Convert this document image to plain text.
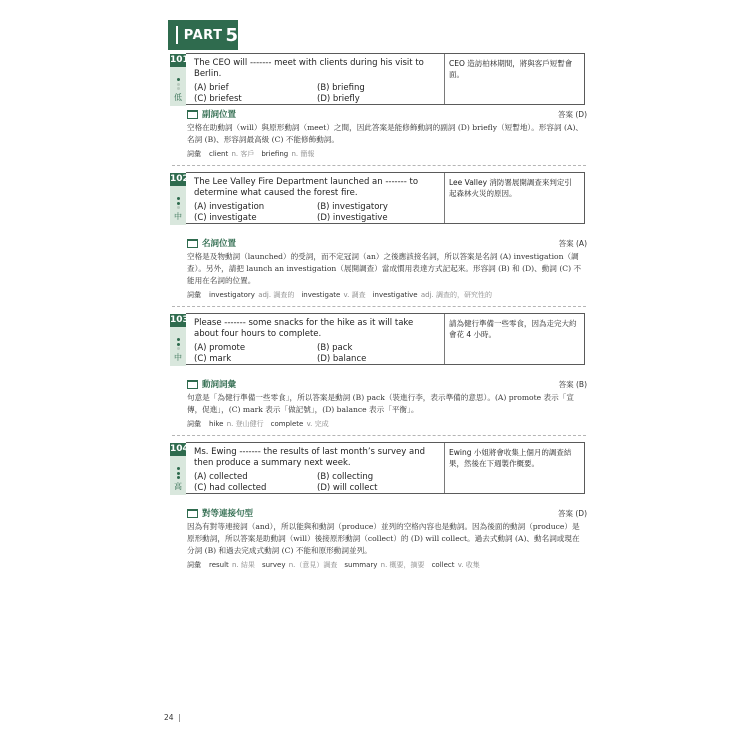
PART 5
101
低
The CEO will ------- meet with clients during his visit to Berlin.
(A) brief	(B) briefing
(C) briefest	(D) briefly
CEO 造訪柏林期間，將與客戶短暫會面。
副詞位置	答案 (D)
空格在助動詞（will）與原形動詞（meet）之間，因此答案是能修飾動詞的副詞 (D) briefly（短暫地）。形容詞 (A)、名詞 (B)、形容詞最高級 (C) 不能修飾動詞。
詞彙 client n. 客戶 briefing n. 簡報
102
中
The Lee Valley Fire Department launched an ------- to determine what caused the forest fire.
(A) investigation	(B) investigatory
(C) investigate	(D) investigative
Lee Valley 消防署展開調查來判定引起森林火災的原因。
名詞位置	答案 (A)
空格是及物動詞（launched）的受詞，而不定冠詞（an）之後應該接名詞，所以答案是名詞 (A) investigation（調查）。另外，請把 launch an investigation（展開調查）當成慣用表達方式記起來。形容詞 (B) 和 (D)、動詞 (C) 不能用在名詞的位置。
詞彙 investigatory adj. 調查的 investigate v. 調查 investigative adj. 調查的，研究性的
103
中
Please ------- some snacks for the hike as it will take about four hours to complete.
(A) promote	(B) pack
(C) mark	(D) balance
請為健行準備一些零食，因為走完大約會花 4 小時。
動詞詞彙	答案 (B)
句意是「為健行準備一些零食」，所以答案是動詞 (B) pack（裝進行李，表示準備的意思）。(A) promote 表示「宣傳，促進」，(C) mark 表示「做記號」，(D) balance 表示「平衡」。
詞彙 hike n. 登山健行 complete v. 完成
104
高
Ms. Ewing ------- the results of last month’s survey and then produce a summary next week.
(A) collected	(B) collecting
(C) had collected	(D) will collect
Ewing 小姐將會收集上個月的調查結果，然後在下週製作概要。
對等連接句型	答案 (D)
因為有對等連接詞（and），所以能與和動詞（produce）並列的空格內容也是動詞。因為後面的動詞（produce）是原形動詞，所以答案是助動詞（will）後接原形動詞（collect）的 (D) will collect。過去式動詞 (A)、動名詞或現在分詞 (B) 和過去完成式動詞 (C) 不能和原形動詞並列。
詞彙 result n. 結果 survey n.（意見）調查 summary n. 概要，摘要 collect v. 收集
24
